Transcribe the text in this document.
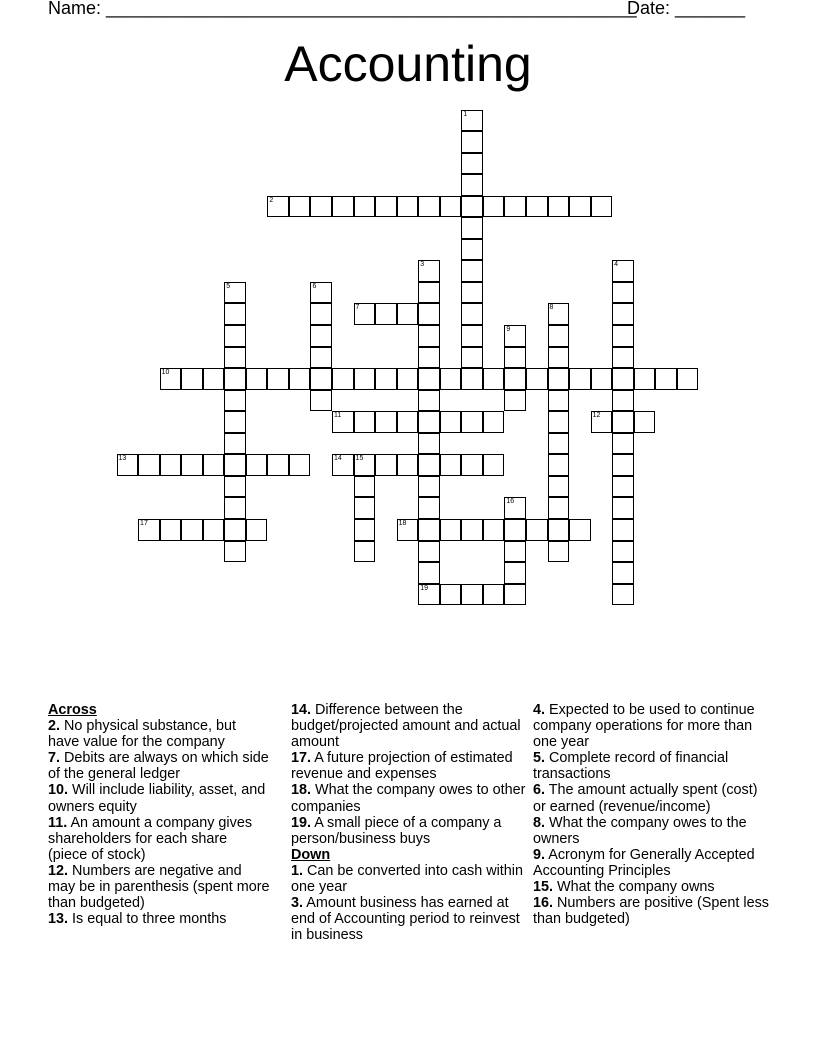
Name: _____________________________________________________
Date: _______
Accounting
1
2
3
19
4
5	6
7	8
9
10
11	12
13	14 15
16
17	18

Across

2. No physical substance, but have value for the company

7. Debits are always on which side of the general ledger

10. Will include liability, asset, and owners equity

11. An amount a company gives shareholders for each share (piece of stock)

12. Numbers are negative and may be in parenthesis (spent more than budgeted)

13. Is equal to three months

14. Difference between the budget/projected amount and actual amount

17. A future projection of estimated revenue and expenses

18. What the company owes to other companies

19. A small piece of a company a person/business buys

Down

1. Can be converted into cash within one year

3. Amount business has earned at end of Accounting period to reinvest in business

4. Expected to be used to continue company operations for more than one year

5. Complete record of financial transactions

6. The amount actually spent (cost) or earned (revenue/income)

8. What the company owes to the owners

9. Acronym for Generally Accepted Accounting Principles

15. What the company owns

16. Numbers are positive (Spent less than budgeted)
